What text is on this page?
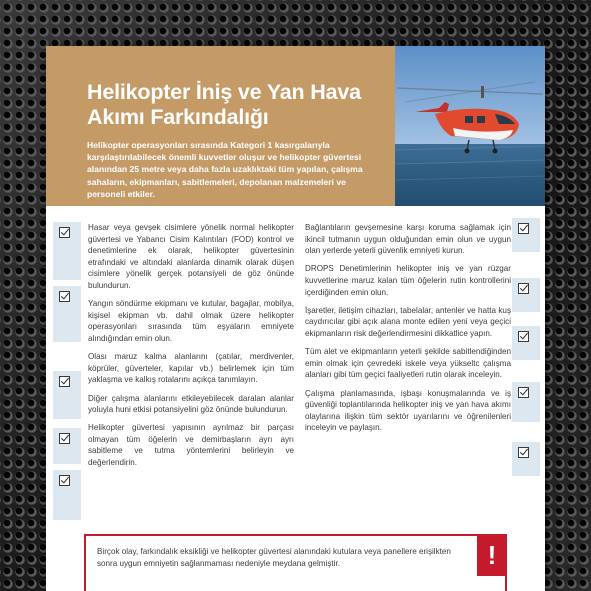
Helikopter İniş ve Yan Hava Akımı Farkındalığı
Helikopter operasyonları sırasında Kategori 1 kasırgalarıyla karşılaştırılabilecek önemli kuvvetler oluşur ve helikopter güvertesi alanından 25 metre veya daha fazla uzaklıktaki tüm yapılan, çalışma sahaların, ekipmanları, sabitlemeleri, depolanan malzemeleri ve personeli etkiler.

Hasar veya gevşek cisimlere yönelik normal helikopter güvertesi ve Yabancı Cisim Kalıntıları (FOD) kontrol ve denetimlerine ek olarak, helikopter güvertesinin etrafındaki ve altındaki alanlarda dinamik olarak düşen cisimlere yönelik gerçek potansiyeli de göz önünde bulundurun.

Yangın söndürme ekipmanı ve kutular, bagajlar, mobilya, kişisel ekipman vb. dahil olmak üzere helikopter operasyonları sırasında tüm eşyaların emniyete alındığından emin olun.

Olası maruz kalma alanlarını (çatılar, merdivenler, köprüler, güverteler, kapılar vb.) belirlemek için tüm yaklaşma ve kalkış rotalarını açıkça tanımlayın.

Diğer çalışma alanlarını etkileyebilecek daralan alanlar yoluyla huni etkisi potansiyelini göz önünde bulundurun.

Helikopter güvertesi yapısının ayrılmaz bir parçası olmayan tüm öğelerin ve demirbaşların ayrı ayrı sabitleme ve tutma yöntemlerini belirleyin ve değerlendirin.

Bağlantıların gevşemesine karşı koruma sağlamak için ikincil tutmanın uygun olduğundan emin olun ve uygun olan yerlerde yeterli güvenlik emniyeti kurun.

DROPS Denetimlerinin helikopter iniş ve yan rüzgar kuvvetlerine maruz kalan tüm öğelerin rutin kontrollerini içerdiğinden emin olun.

İşaretler, iletişim cihazları, tabelalar, antenler ve hatta kuş caydırıcılar gibi açık alana monte edilen yeni veya geçici ekipmanların risk değerlendirmesini dikkatlice yapın.

Tüm alet ve ekipmanların yeterli şekilde sabitlendiğinden emin olmak için çevredeki iskele veya yükseltc çalışma alanları gibi tüm geçici faaliyetleri rutin olarak inceleyin.

Çalışma planlamasında, işbaşı konuşmalarında ve iş güvenliği toplantılarında helikopter iniş ve yan hava akımı olaylarına ilişkin tüm sektör uyarılarını ve öğrenilenleri inceleyin ve paylaşın.

Birçok olay, farkındalık eksikliği ve helikopter güvertesi alanındaki kutulara veya panellere erişilkten sonra uygun emniyetin sağlanmaması nedeniyle meydana gelmiştir.	!
